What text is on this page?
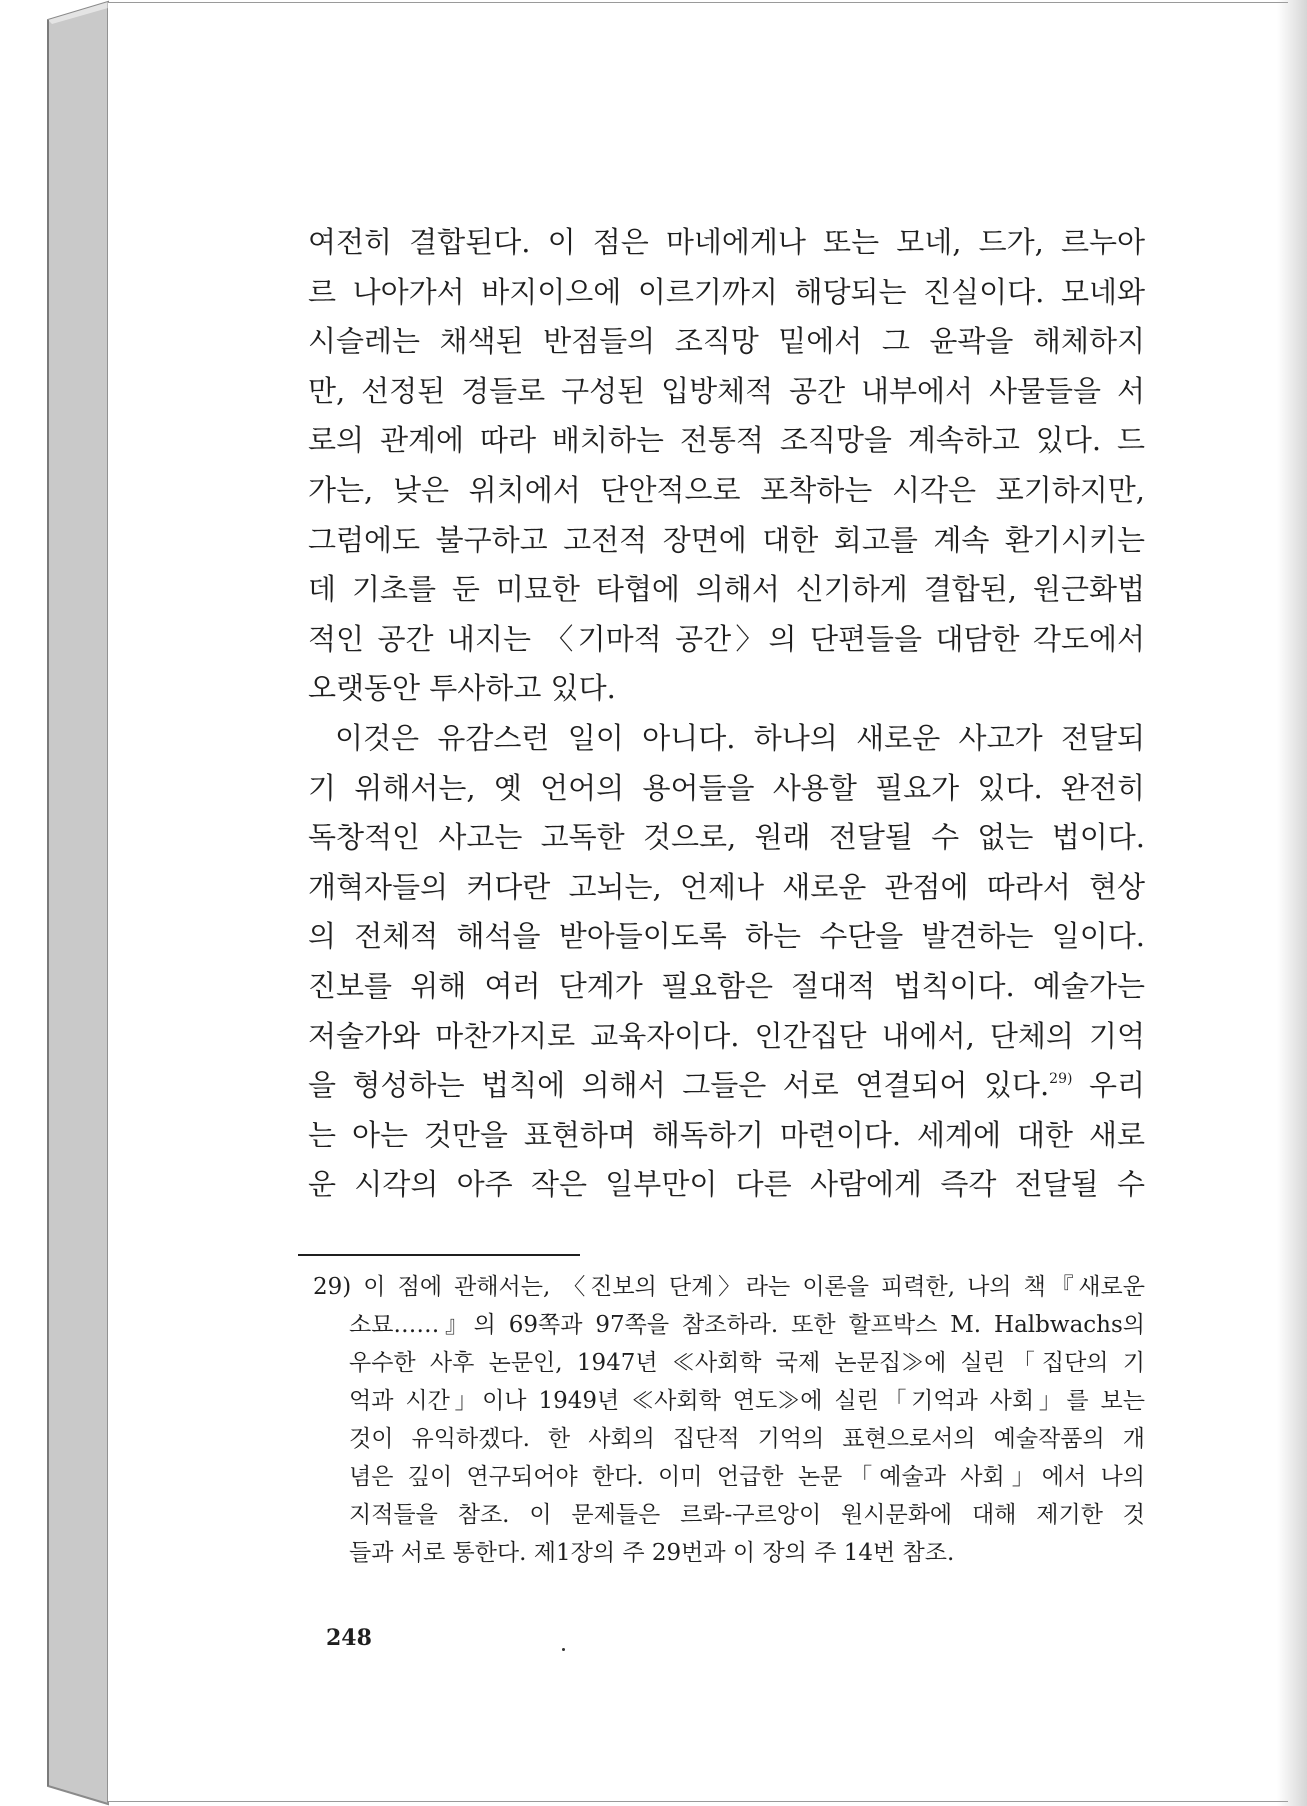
여전히 결합된다. 이 점은 마네에게나 또는 모네, 드가, 르누아
르 나아가서 바지이으에 이르기까지 해당되는 진실이다. 모네와
시슬레는 채색된 반점들의 조직망 밑에서 그 윤곽을 해체하지
만, 선정된 경들로 구성된 입방체적 공간 내부에서 사물들을 서
로의 관계에 따라 배치하는 전통적 조직망을 계속하고 있다. 드
가는, 낮은 위치에서 단안적으로 포착하는 시각은 포기하지만,
그럼에도 불구하고 고전적 장면에 대한 회고를 계속 환기시키는
데 기초를 둔 미묘한 타협에 의해서 신기하게 결합된, 원근화법
적인 공간 내지는 〈기마적 공간〉의 단편들을 대담한 각도에서
오랫동안 투사하고 있다.
이것은 유감스런 일이 아니다. 하나의 새로운 사고가 전달되
기 위해서는, 옛 언어의 용어들을 사용할 필요가 있다. 완전히
독창적인 사고는 고독한 것으로, 원래 전달될 수 없는 법이다.
개혁자들의 커다란 고뇌는, 언제나 새로운 관점에 따라서 현상
의 전체적 해석을 받아들이도록 하는 수단을 발견하는 일이다.
진보를 위해 여러 단계가 필요함은 절대적 법칙이다. 예술가는
저술가와 마찬가지로 교육자이다. 인간집단 내에서, 단체의 기억
을 형성하는 법칙에 의해서 그들은 서로 연결되어 있다.$^{29)}$ 우리
는 아는 것만을 표현하며 해독하기 마련이다. 세계에 대한 새로
운 시각의 아주 작은 일부만이 다른 사람에게 즉각 전달될 수
29) 이 점에 관해서는, 〈진보의 단계〉라는 이론을 피력한, 나의 책『새로운
소묘……』의 69쪽과 97쪽을 참조하라. 또한 할프박스 M. Halbwachs의
우수한 사후 논문인, 1947년 ≪사회학 국제 논문집≫에 실린「집단의 기
억과 시간」이나 1949년 ≪사회학 연도≫에 실린「기억과 사회」를 보는
것이 유익하겠다. 한 사회의 집단적 기억의 표현으로서의 예술작품의 개
념은 깊이 연구되어야 한다. 이미 언급한 논문「예술과 사회」에서 나의
지적들을 참조. 이 문제들은 르롸-구르앙이 원시문화에 대해 제기한 것
들과 서로 통한다. 제1장의 주 29번과 이 장의 주 14번 참조.
248
